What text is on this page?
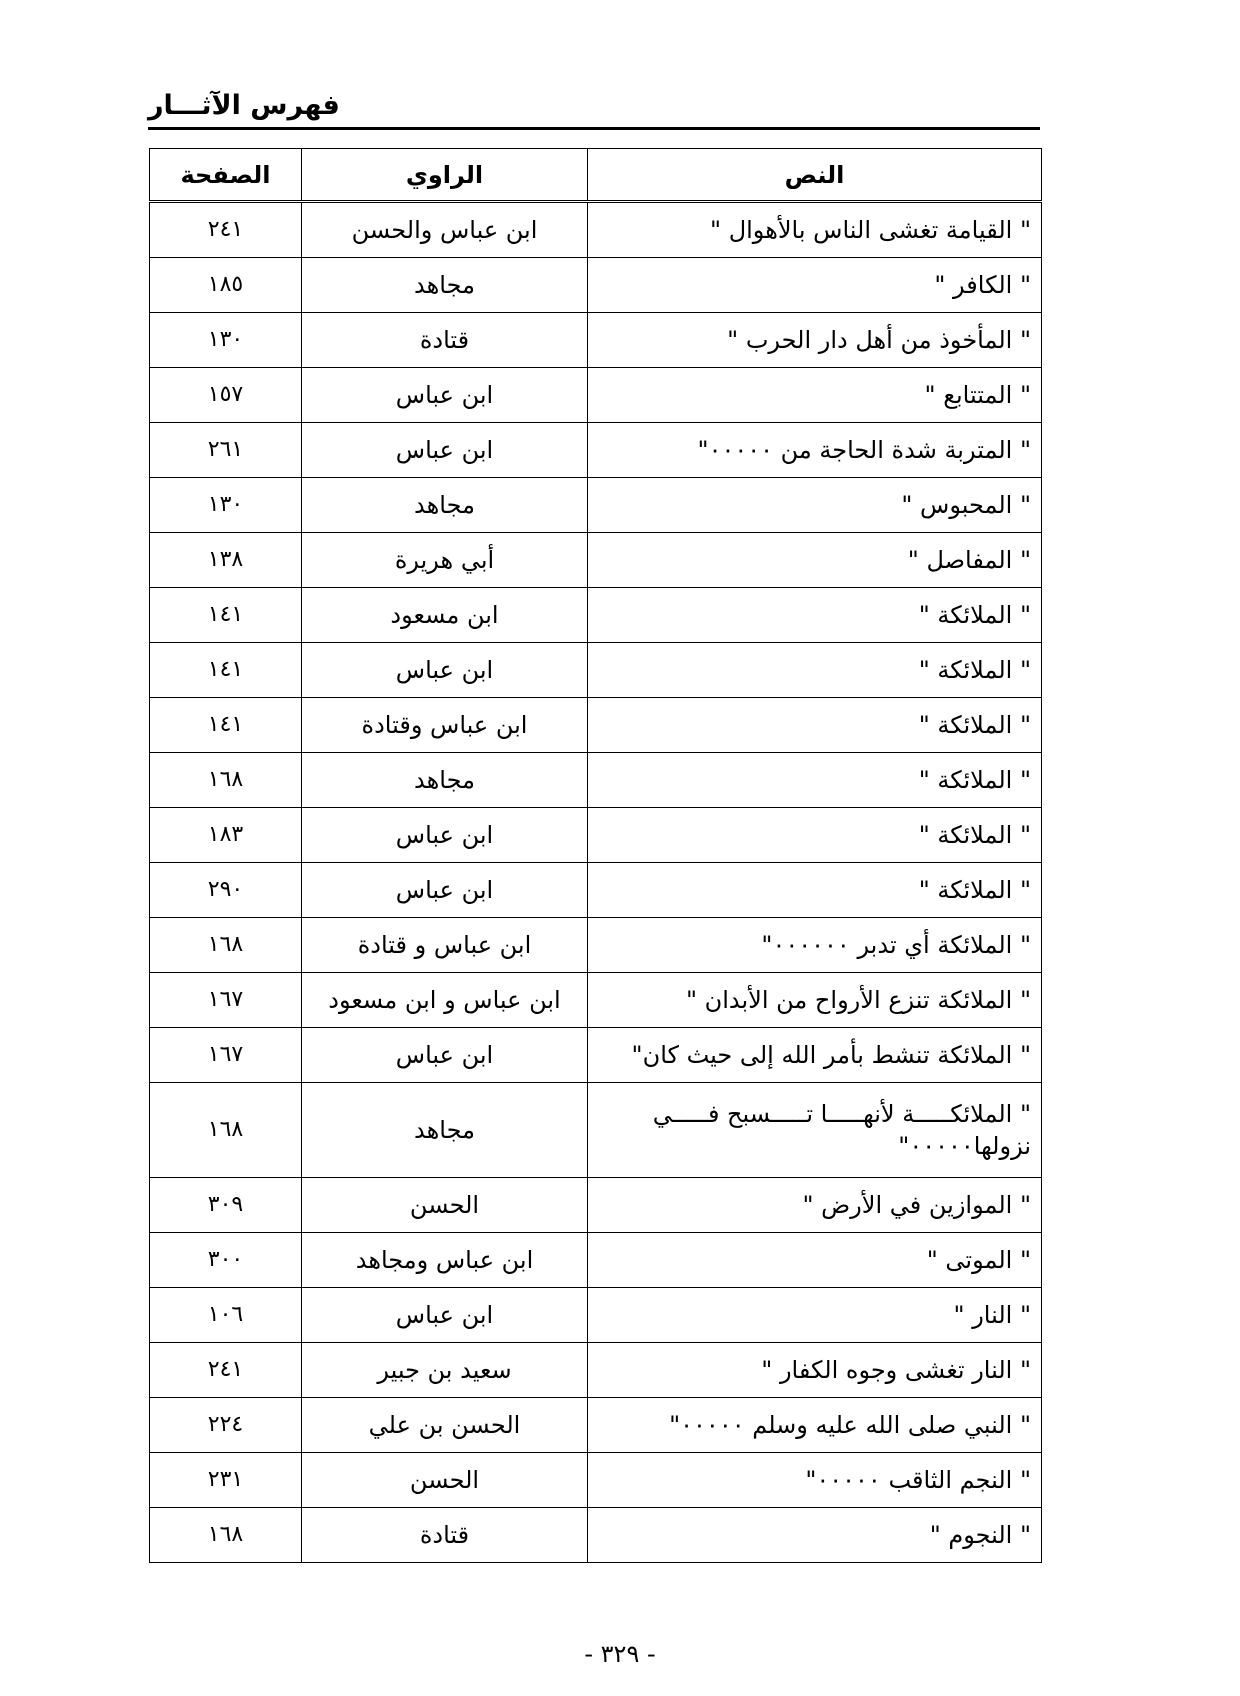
فهرس الآثـــار
النص	الراوي	الصفحة
" القيامة تغشى الناس بالأهوال "	ابن عباس والحسن	٢٤١
" الكافر "	مجاهد	١٨٥
" المأخوذ من أهل دار الحرب "	قتادة	١٣٠
" المتتابع "	ابن عباس	١٥٧
" المتربة شدة الحاجة من ٠٠٠٠٠"	ابن عباس	٢٦١
" المحبوس "	مجاهد	١٣٠
" المفاصل "	أبي هريرة	١٣٨
" الملائكة "	ابن مسعود	١٤١
" الملائكة "	ابن عباس	١٤١
" الملائكة "	ابن عباس وقتادة	١٤١
" الملائكة "	مجاهد	١٦٨
" الملائكة "	ابن عباس	١٨٣
" الملائكة "	ابن عباس	٢٩٠
" الملائكة أي تدبر ٠٠٠٠٠٠"	ابن عباس و قتادة	١٦٨
" الملائكة تنزع الأرواح من الأبدان "	ابن عباس و ابن مسعود	١٦٧
" الملائكة تنشط بأمر الله إلى حيث كان"	ابن عباس	١٦٧
" الملائكـــــة لأنهـــــا تـــــسبح فـــــي نزولها٠٠٠٠٠"	مجاهد	١٦٨
" الموازين في الأرض "	الحسن	٣٠٩
" الموتى "	ابن عباس ومجاهد	٣٠٠
" النار "	ابن عباس	١٠٦
" النار تغشى وجوه الكفار "	سعيد بن جبير	٢٤١
" النبي صلى الله عليه وسلم ٠٠٠٠٠"	الحسن بن علي	٢٢٤
" النجم الثاقب ٠٠٠٠٠"	الحسن	٢٣١
" النجوم "	قتادة	١٦٨
- ٣٢٩ -
